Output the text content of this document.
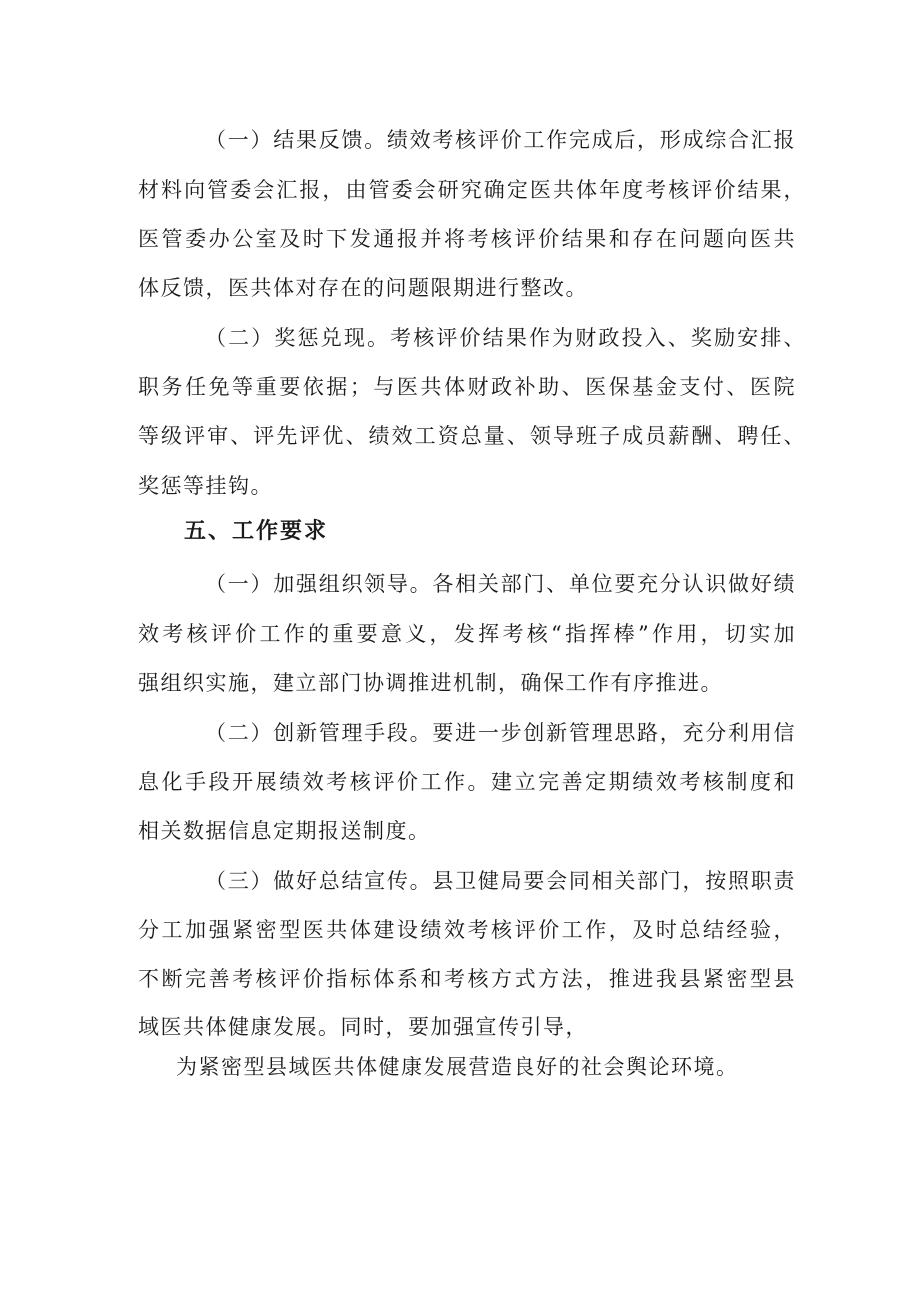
（一）结果反馈。绩效考核评价工作完成后，形成综合汇报
材料向管委会汇报，由管委会研究确定医共体年度考核评价结果，
医管委办公室及时下发通报并将考核评价结果和存在问题向医共
体反馈，医共体对存在的问题限期进行整改。
（二）奖惩兑现。考核评价结果作为财政投入、奖励安排、
职务任免等重要依据；与医共体财政补助、医保基金支付、医院
等级评审、评先评优、绩效工资总量、领导班子成员薪酬、聘任、
奖惩等挂钩。
五、工作要求
（一）加强组织领导。各相关部门、单位要充分认识做好绩
效考核评价工作的重要意义，发挥考核“指挥棒”作用，切实加
强组织实施，建立部门协调推进机制，确保工作有序推进。
（二）创新管理手段。要进一步创新管理思路，充分利用信
息化手段开展绩效考核评价工作。建立完善定期绩效考核制度和
相关数据信息定期报送制度。
（三）做好总结宣传。县卫健局要会同相关部门，按照职责
分工加强紧密型医共体建设绩效考核评价工作，及时总结经验，
不断完善考核评价指标体系和考核方式方法，推进我县紧密型县
域医共体健康发展。同时，要加强宣传引导，
为紧密型县域医共体健康发展营造良好的社会舆论环境。
